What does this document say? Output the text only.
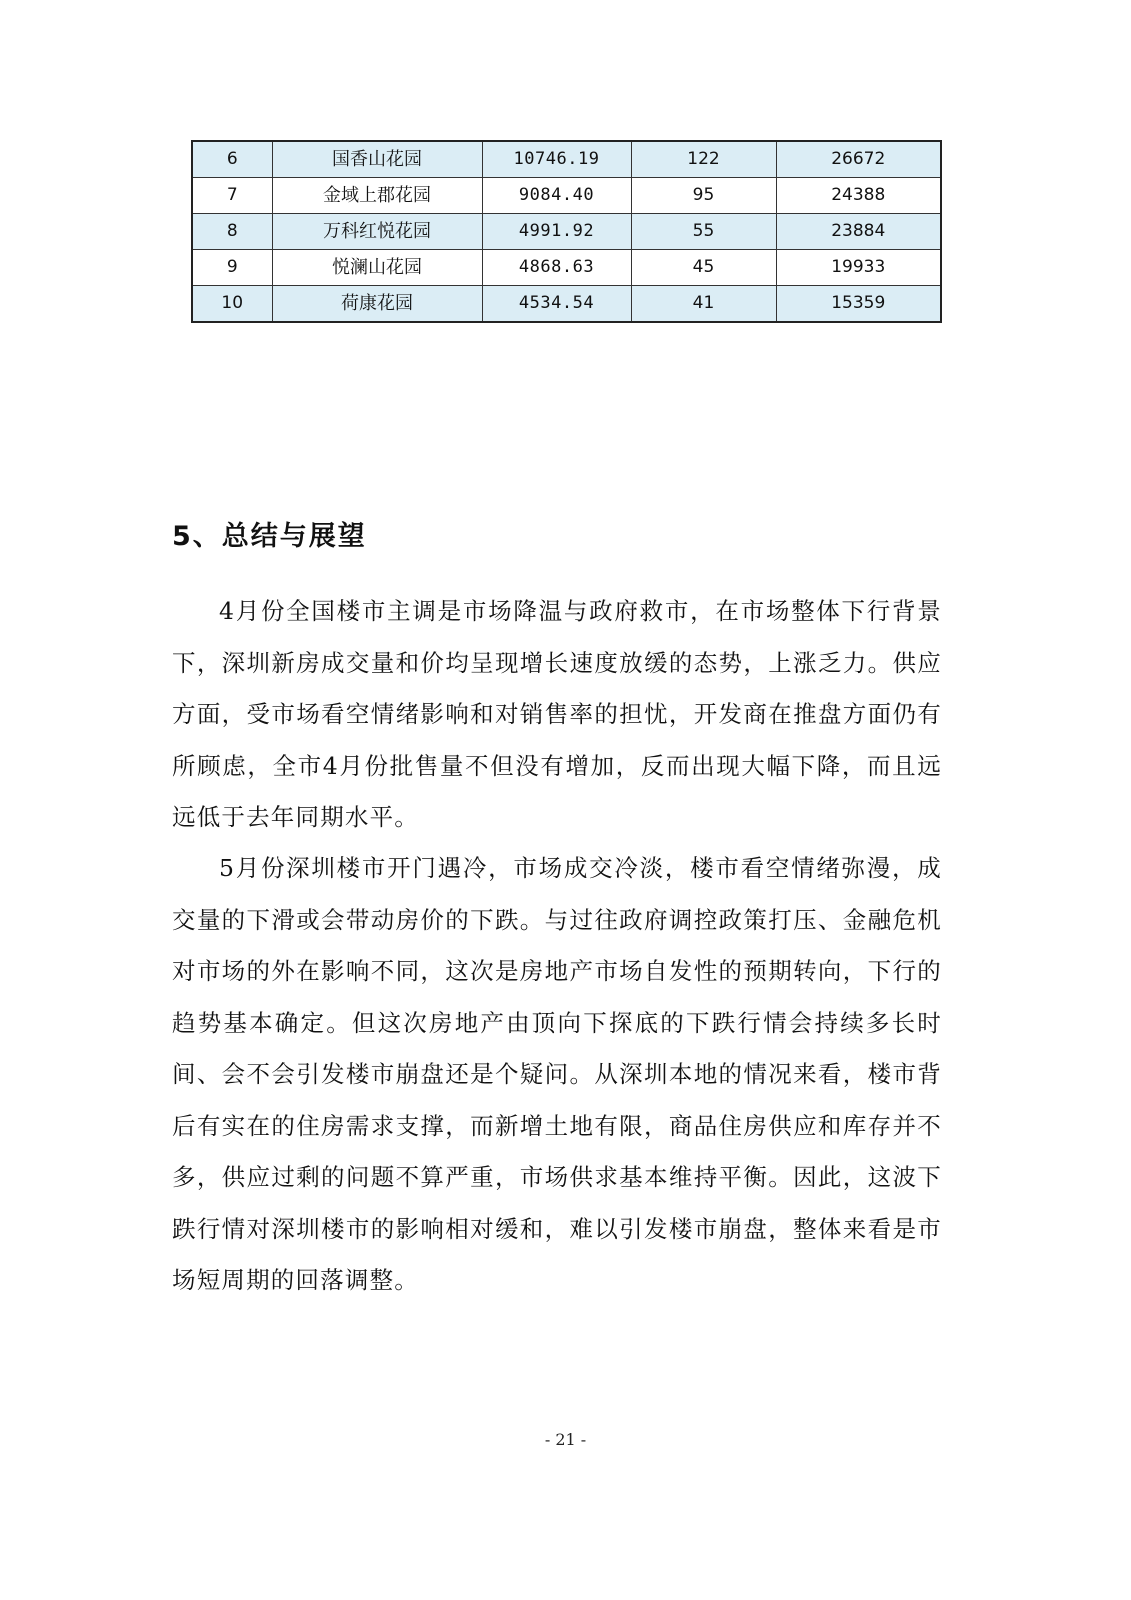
6	国香山花园	10746.19	122	26672
7	金域上郡花园	9084.40	95	24388
8	万科红悦花园	4991.92	55	23884
9	悦澜山花园	4868.63	45	19933
10	荷康花园	4534.54	41	15359
5、总结与展望

4月份全国楼市主调是市场降温与政府救市，在市场整体下行背景下，深圳新房成交量和价均呈现增长速度放缓的态势，上涨乏力。供应方面，受市场看空情绪影响和对销售率的担忧，开发商在推盘方面仍有所顾虑，全市4月份批售量不但没有增加，反而出现大幅下降，而且远远低于去年同期水平。

5月份深圳楼市开门遇冷，市场成交冷淡，楼市看空情绪弥漫，成交量的下滑或会带动房价的下跌。与过往政府调控政策打压、金融危机对市场的外在影响不同，这次是房地产市场自发性的预期转向，下行的趋势基本确定。但这次房地产由顶向下探底的下跌行情会持续多长时间、会不会引发楼市崩盘还是个疑问。从深圳本地的情况来看，楼市背后有实在的住房需求支撑，而新增土地有限，商品住房供应和库存并不多，供应过剩的问题不算严重，市场供求基本维持平衡。因此，这波下跌行情对深圳楼市的影响相对缓和，难以引发楼市崩盘，整体来看是市场短周期的回落调整。

- 21 -
